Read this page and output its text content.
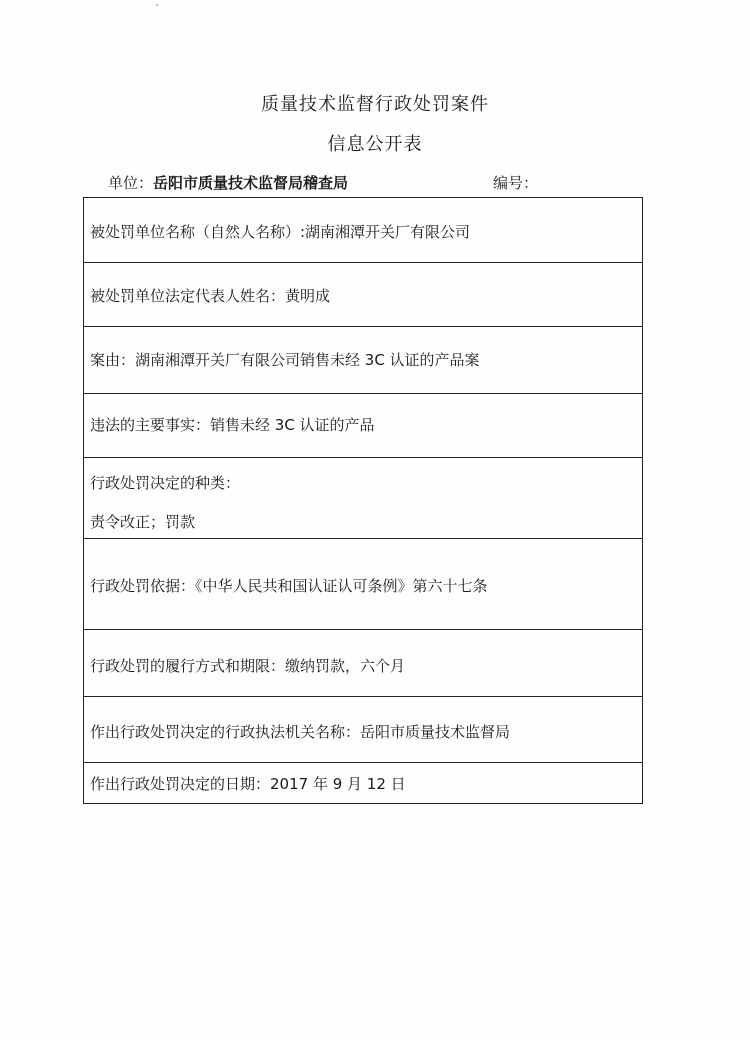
质量技术监督行政处罚案件
信息公开表
单位：岳阳市质量技术监督局稽查局	编号：
被处罚单位名称（自然人名称）:湖南湘潭开关厂有限公司
被处罚单位法定代表人姓名：黄明成
案由：湖南湘潭开关厂有限公司销售未经 3C 认证的产品案
违法的主要事实：销售未经 3C 认证的产品
行政处罚决定的种类：
责令改正；罚款
行政处罚依据：《中华人民共和国认证认可条例》第六十七条
行政处罚的履行方式和期限：缴纳罚款，六个月
作出行政处罚决定的行政执法机关名称：岳阳市质量技术监督局
作出行政处罚决定的日期：2017 年 9 月 12 日
